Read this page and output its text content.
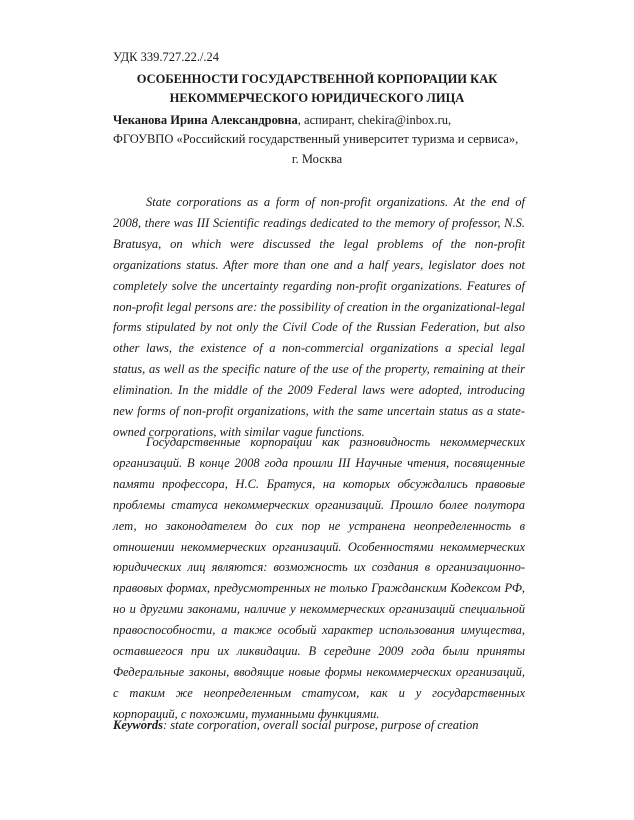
УДК 339.727.22./.24
ОСОБЕННОСТИ ГОСУДАРСТВЕННОЙ КОРПОРАЦИИ КАК
НЕКОММЕРЧЕСКОГО ЮРИДИЧЕСКОГО ЛИЦА
Чеканова Ирина Александровна, аспирант, chekira@inbox.ru,
ФГОУВПО «Российский государственный университет туризма и сервиса»,
г. Москва

State corporations as a form of non-profit organizations. At the end of 2008, there was III Scientific readings dedicated to the memory of professor, N.S. Bratusya, on which were discussed the legal problems of the non-profit organizations status. After more than one and a half years, legislator does not completely solve the uncertainty regarding non-profit organizations. Features of non-profit legal persons are: the possibility of creation in the organizational-legal forms stipulated by not only the Civil Code of the Russian Federation, but also other laws, the existence of a non-commercial organizations a special legal status, as well as the specific nature of the use of the property, remaining at their elimination. In the middle of the 2009 Federal laws were adopted, introducing new forms of non-profit organizations, with the same uncertain status as a state-owned corporations, with similar vague functions.

Государственные корпорации как разновидность некоммерческих организаций. В конце 2008 года прошли III Научные чтения, посвященные памяти профессора, Н.С. Братуся, на которых обсуждались правовые проблемы статуса некоммерческих организаций. Прошло более полутора лет, но законодателем до сих пор не устранена неопределенность в отношении некоммерческих организаций. Особенностями некоммерческих юридических лиц являются: возможность их создания в организационно-правовых формах, предусмотренных не только Гражданским Кодексом РФ, но и другими законами, наличие у некоммерческих организаций специальной правоспособности, а также особый характер использования имущества, оставшегося при их ликвидации. В середине 2009 года были приняты Федеральные законы, вводящие новые формы некоммерческих организаций, с таким же неопределенным статусом, как и у государственных корпораций, с похожими, туманными функциями.

Keywords: state corporation, overall social purpose, purpose of creation
